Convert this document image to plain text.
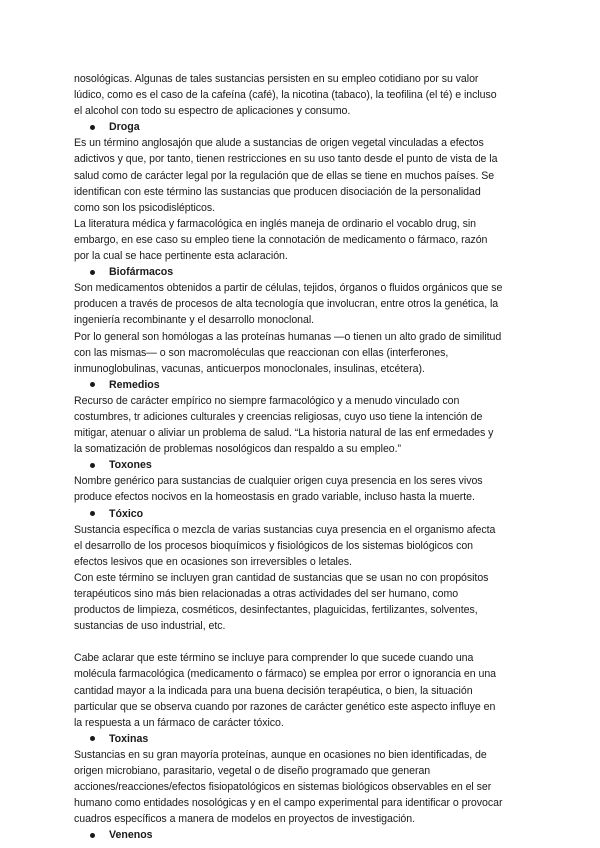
nosológicas. Algunas de tales sustancias persisten en su empleo cotidiano por su valor
lúdico, como es el caso de la cafeína (café), la nicotina (tabaco), la teofilina (el té) e incluso
el alcohol con todo su espectro de aplicaciones y consumo.
Droga
Es un término anglosajón que alude a sustancias de origen vegetal vinculadas a efectos
adictivos y que, por tanto, tienen restricciones en su uso tanto desde el punto de vista de la
salud como de carácter legal por la regulación que de ellas se tiene en muchos países. Se
identifican con este término las sustancias que producen disociación de la personalidad
como son los psicodislépticos.
La literatura médica y farmacológica en inglés maneja de ordinario el vocablo drug, sin
embargo, en ese caso su empleo tiene la connotación de medicamento o fármaco, razón
por la cual se hace pertinente esta aclaración.
Biofármacos
Son medicamentos obtenidos a partir de células, tejidos, órganos o fluidos orgánicos que se
producen a través de procesos de alta tecnología que involucran, entre otros la genética, la
ingeniería recombinante y el desarrollo monoclonal.
Por lo general son homólogas a las proteínas humanas —o tienen un alto grado de similitud
con las mismas— o son macromoléculas que reaccionan con ellas (interferones,
inmunoglobulinas, vacunas, anticuerpos monoclonales, insulinas, etcétera).
Remedios
Recurso de carácter empírico no siempre farmacológico y a menudo vinculado con
costumbres, tr adiciones culturales y creencias religiosas, cuyo uso tiene la intención de
mitigar, atenuar o aliviar un problema de salud. “La historia natural de las enf ermedades y
la somatización de problemas nosológicos dan respaldo a su empleo.”
Toxones
Nombre genérico para sustancias de cualquier origen cuya presencia en los seres vivos
produce efectos nocivos en la homeostasis en grado variable, incluso hasta la muerte.
Tóxico
Sustancia específica o mezcla de varias sustancias cuya presencia en el organismo afecta
el desarrollo de los procesos bioquímicos y fisiológicos de los sistemas biológicos con
efectos lesivos que en ocasiones son irreversibles o letales.
Con este término se incluyen gran cantidad de sustancias que se usan no con propósitos
terapéuticos sino más bien relacionadas a otras actividades del ser humano, como
productos de limpieza, cosméticos, desinfectantes, plaguicidas, fertilizantes, solventes,
sustancias de uso industrial, etc.
Cabe aclarar que este término se incluye para comprender lo que sucede cuando una
molécula farmacológica (medicamento o fármaco) se emplea por error o ignorancia en una
cantidad mayor a la indicada para una buena decisión terapéutica, o bien, la situación
particular que se observa cuando por razones de carácter genético este aspecto influye en
la respuesta a un fármaco de carácter tóxico.
Toxinas
Sustancias en su gran mayoría proteínas, aunque en ocasiones no bien identificadas, de
origen microbiano, parasitario, vegetal o de diseño programado que generan
acciones/reacciones/efectos fisiopatológicos en sistemas biológicos observables en el ser
humano como entidades nosológicas y en el campo experimental para identificar o provocar
cuadros específicos a manera de modelos en proyectos de investigación.
Venenos
